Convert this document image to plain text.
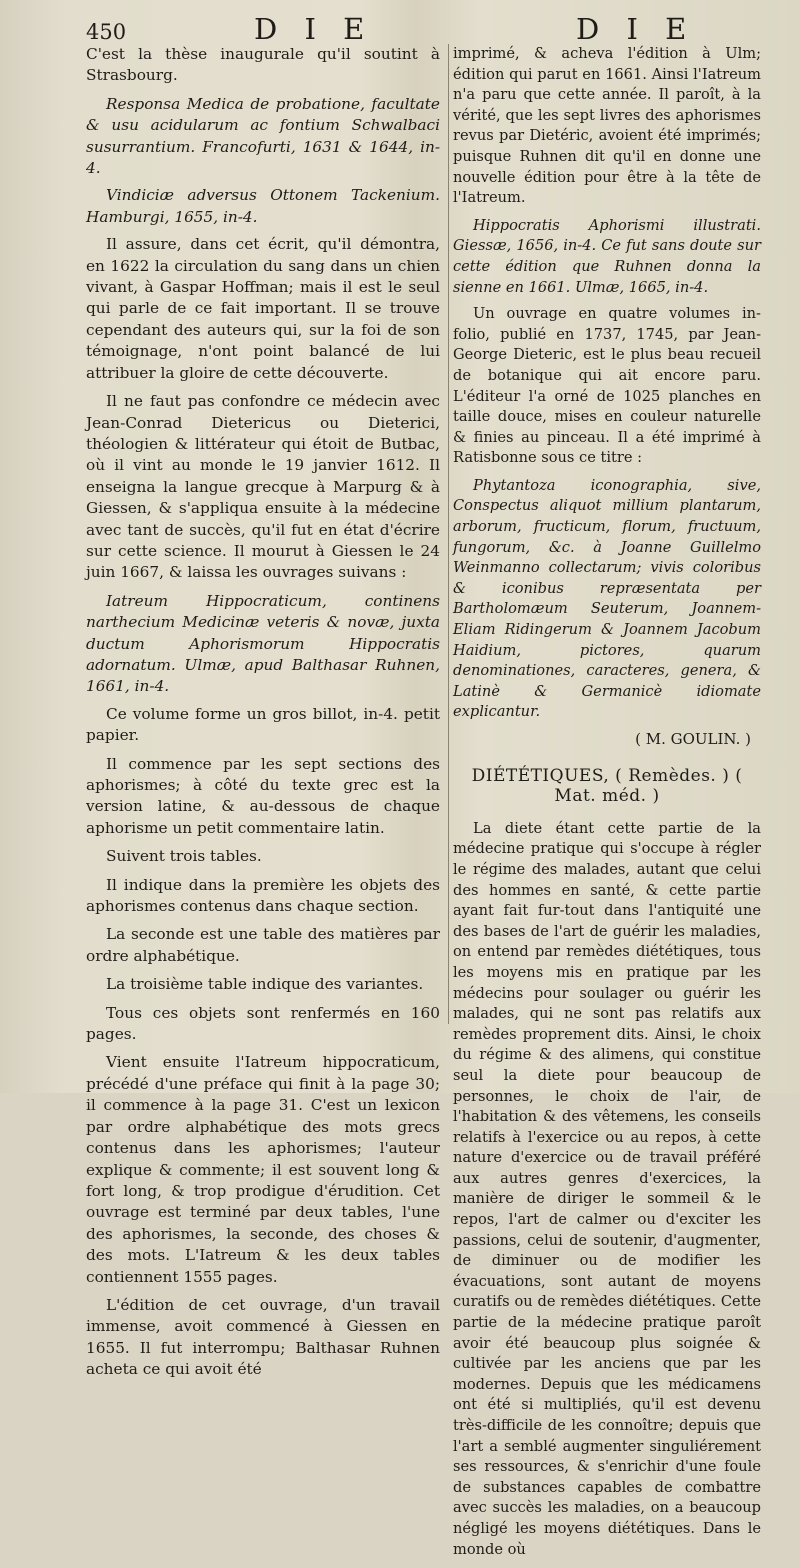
450	D I E	D I E

C'est la thèse inaugurale qu'il soutint à Strasbourg.

Responsa Medica de probatione, facultate & usu acidularum ac fontium Schwalbaci susurrantium. Francofurti, 1631 & 1644, in-4.

Vindiciæ adversus Ottonem Tackenium. Hamburgi, 1655, in-4.

Il assure, dans cet écrit, qu'il démontra, en 1622 la circulation du sang dans un chien vivant, à Gaspar Hoffman; mais il est le seul qui parle de ce fait important. Il se trouve cependant des auteurs qui, sur la foi de son témoignage, n'ont point balancé de lui attribuer la gloire de cette découverte.

Il ne faut pas confondre ce médecin avec Jean-Conrad Dietericus ou Dieterici, théologien & littérateur qui étoit de Butbac, où il vint au monde le 19 janvier 1612. Il enseigna la langue grecque à Marpurg & à Giessen, & s'appliqua ensuite à la médecine avec tant de succès, qu'il fut en état d'écrire sur cette science. Il mourut à Giessen le 24 juin 1667, & laissa les ouvrages suivans :

Iatreum Hippocraticum, continens narthecium Medicinæ veteris & novæ, juxta ductum Aphorismorum Hippocratis adornatum. Ulmæ, apud Balthasar Ruhnen, 1661, in-4.

Ce volume forme un gros billot, in-4. petit papier.

Il commence par les sept sections des aphorismes; à côté du texte grec est la version latine, & au-dessous de chaque aphorisme un petit commentaire latin.

Suivent trois tables.

Il indique dans la première les objets des aphorismes contenus dans chaque section.

La seconde est une table des matières par ordre alphabétique.

La troisième table indique des variantes.

Tous ces objets sont renfermés en 160 pages.

Vient ensuite l'Iatreum hippocraticum, précédé d'une préface qui finit à la page 30; il commence à la page 31. C'est un lexicon par ordre alphabétique des mots grecs contenus dans les aphorismes; l'auteur explique & commente; il est souvent long & fort long, & trop prodigue d'érudition. Cet ouvrage est terminé par deux tables, l'une des aphorismes, la seconde, des choses & des mots. L'Iatreum & les deux tables contiennent 1555 pages.

L'édition de cet ouvrage, d'un travail immense, avoit commencé à Giessen en 1655. Il fut interrompu; Balthasar Ruhnen acheta ce qui avoit été

imprimé, & acheva l'édition à Ulm; édition qui parut en 1661. Ainsi l'Iatreum n'a paru que cette année. Il paroît, à la vérité, que les sept livres des aphorismes revus par Dietéric, avoient été imprimés; puisque Ruhnen dit qu'il en donne une nouvelle édition pour être à la tête de l'Iatreum.

Hippocratis Aphorismi illustrati. Giessæ, 1656, in-4. Ce fut sans doute sur cette édition que Ruhnen donna la sienne en 1661. Ulmæ, 1665, in-4.

Un ouvrage en quatre volumes in-folio, publié en 1737, 1745, par Jean-George Dieteric, est le plus beau recueil de botanique qui ait encore paru. L'éditeur l'a orné de 1025 planches en taille douce, mises en couleur naturelle & finies au pinceau. Il a été imprimé à Ratisbonne sous ce titre :

Phytantoza iconographia, sive, Conspectus aliquot millium plantarum, arborum, fructicum, florum, fructuum, fungorum, &c. à Joanne Guillelmo Weinmanno collectarum; vivis coloribus & iconibus repræsentata per Bartholomæum Seuterum, Joannem-Eliam Ridingerum & Joannem Jacobum Haidium, pictores, quarum denominationes, caracteres, genera, & Latinè & Germanicè idiomate explicantur.

( M. GOULIN. )

DIÉTÉTIQUES, ( Remèdes. ) ( Mat. méd. )

La diete étant cette partie de la médecine pratique qui s'occupe à régler le régime des malades, autant que celui des hommes en santé, & cette partie ayant fait fur-tout dans l'antiquité une des bases de l'art de guérir les maladies, on entend par remèdes diététiques, tous les moyens mis en pratique par les médecins pour soulager ou guérir les malades, qui ne sont pas relatifs aux remèdes proprement dits. Ainsi, le choix du régime & des alimens, qui constitue seul la diete pour beaucoup de personnes, le choix de l'air, de l'habitation & des vêtemens, les conseils relatifs à l'exercice ou au repos, à cette nature d'exercice ou de travail préféré aux autres genres d'exercices, la manière de diriger le sommeil & le repos, l'art de calmer ou d'exciter les passions, celui de soutenir, d'augmenter, de diminuer ou de modifier les évacuations, sont autant de moyens curatifs ou de remèdes diététiques. Cette partie de la médecine pratique paroît avoir été beaucoup plus soignée & cultivée par les anciens que par les modernes. Depuis que les médicamens ont été si multipliés, qu'il est devenu très-difficile de les connoître; depuis que l'art a semblé augmenter singuliérement ses ressources, & s'enrichir d'une foule de substances capables de combattre avec succès les maladies, on a beaucoup négligé les moyens diététiques. Dans le monde où
